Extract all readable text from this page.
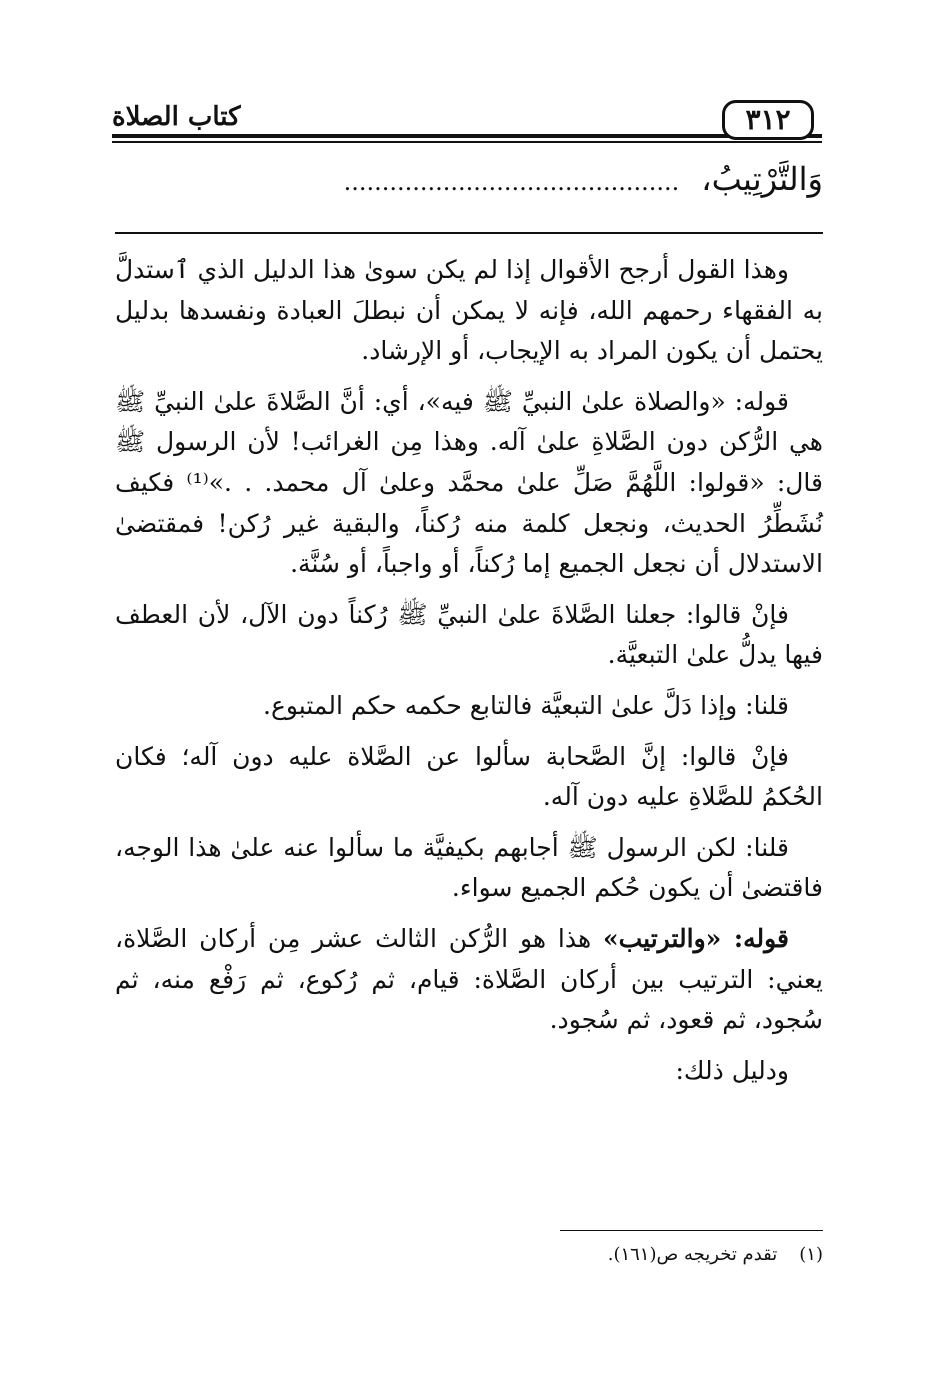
٣١٢
كتاب الصلاة
وَالتَّرْتِيبُ،............................................

وهذا القول أرجح الأقوال إذا لم يكن سوىٰ هذا الدليل الذي ٱستدلَّ به الفقهاء رحمهم الله، فإنه لا يمكن أن نبطلَ العبادة ونفسدها بدليل يحتمل أن يكون المراد به الإيجاب، أو الإرشاد.

قوله: «والصلاة علىٰ النبيِّ ﷺ فيه»، أي: أنَّ الصَّلاةَ علىٰ النبيِّ ﷺ هي الرُّكن دون الصَّلاةِ علىٰ آله. وهذا مِن الغرائب! لأن الرسول ﷺ قال: «قولوا: اللَّهُمَّ صَلِّ علىٰ محمَّد وعلىٰ آل محمد. . .»⁽¹⁾ فكيف نُشَطِّرُ الحديث، ونجعل كلمة منه رُكناً، والبقية غير رُكن! فمقتضىٰ الاستدلال أن نجعل الجميع إما رُكناً، أو واجباً، أو سُنَّة.

فإنْ قالوا: جعلنا الصَّلاةَ علىٰ النبيِّ ﷺ رُكناً دون الآل، لأن العطف فيها يدلُّ علىٰ التبعيَّة.

قلنا: وإذا دَلَّ علىٰ التبعيَّة فالتابع حكمه حكم المتبوع.

فإنْ قالوا: إنَّ الصَّحابة سألوا عن الصَّلاة عليه دون آله؛ فكان الحُكمُ للصَّلاةِ عليه دون آله.

قلنا: لكن الرسول ﷺ أجابهم بكيفيَّة ما سألوا عنه علىٰ هذا الوجه، فاقتضىٰ أن يكون حُكم الجميع سواء.

قوله: «والترتيب» هذا هو الرُّكن الثالث عشر مِن أركان الصَّلاة، يعني: الترتيب بين أركان الصَّلاة: قيام، ثم رُكوع، ثم رَفْع منه، ثم سُجود، ثم قعود، ثم سُجود.

ودليل ذلك:

(١)تقدم تخريجه ص(١٦١).
